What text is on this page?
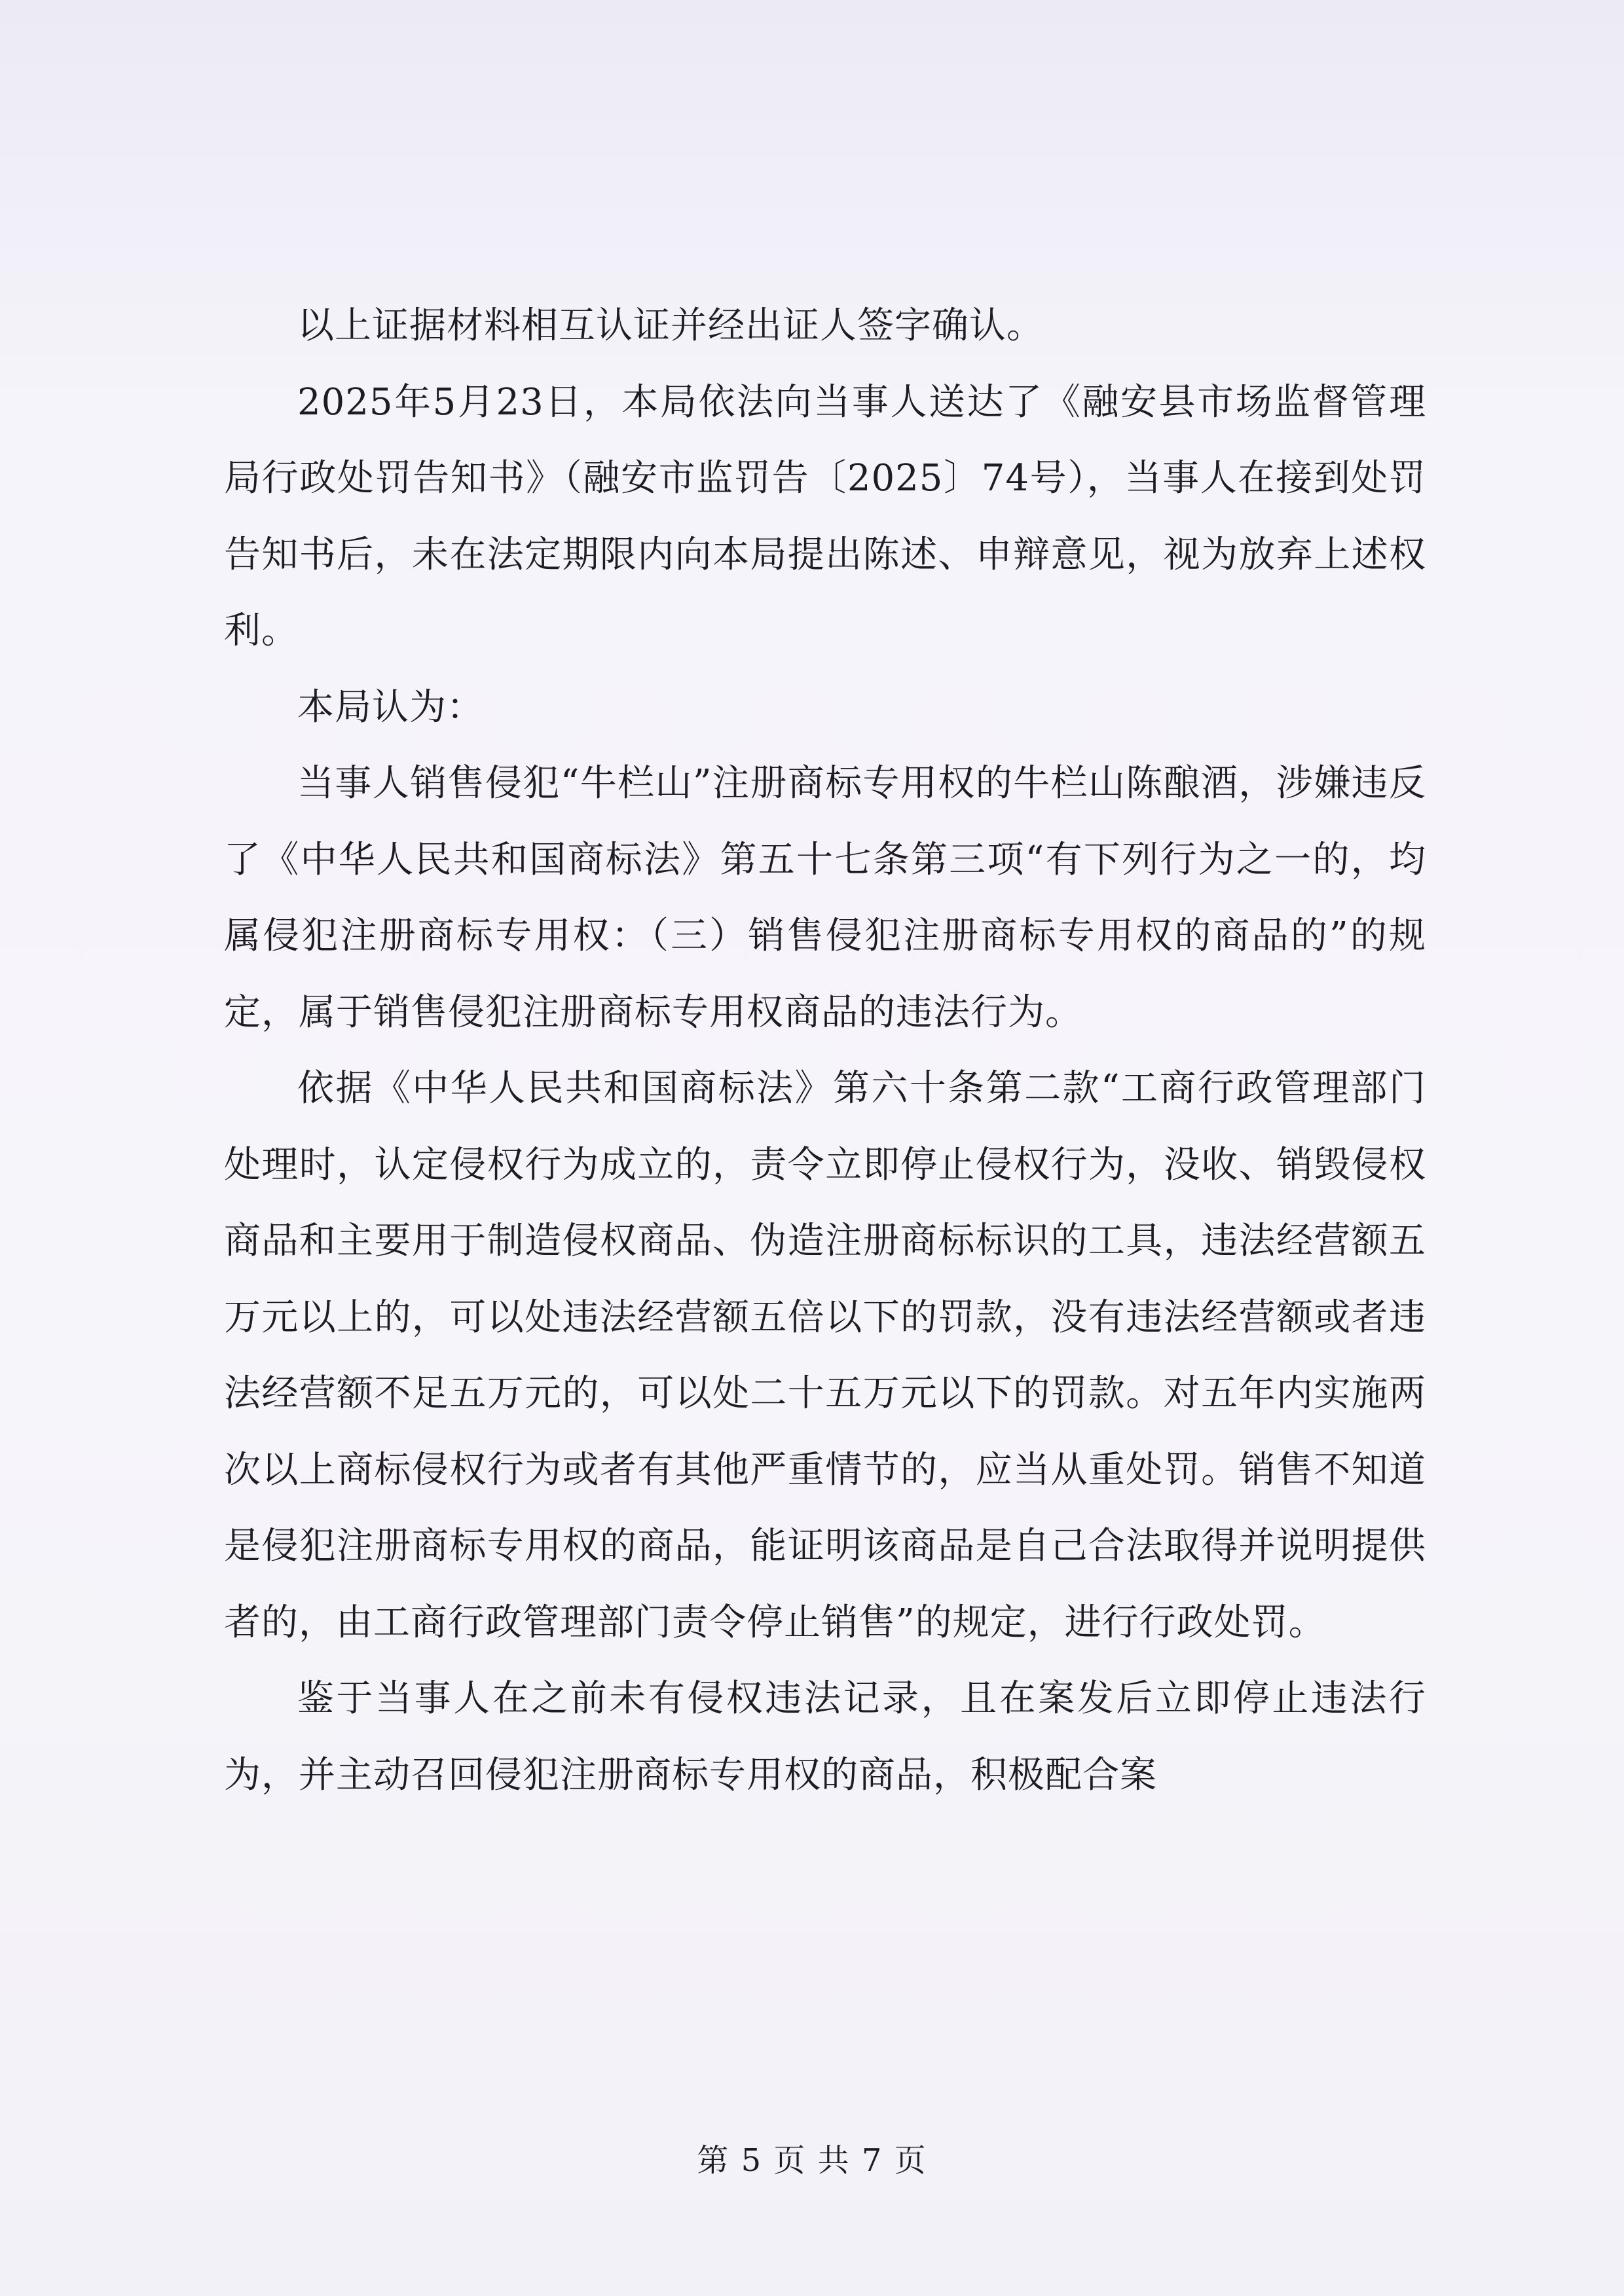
以上证据材料相互认证并经出证人签字确认。

2025年5月23日，本局依法向当事人送达了《融安县市场监督管理局行政处罚告知书》（融安市监罚告〔2025〕74号），当事人在接到处罚告知书后，未在法定期限内向本局提出陈述、申辩意见，视为放弃上述权利。

本局认为：

当事人销售侵犯“牛栏山”注册商标专用权的牛栏山陈酿酒，涉嫌违反了《中华人民共和国商标法》第五十七条第三项“有下列行为之一的，均属侵犯注册商标专用权：（三）销售侵犯注册商标专用权的商品的”的规定，属于销售侵犯注册商标专用权商品的违法行为。

依据《中华人民共和国商标法》第六十条第二款“工商行政管理部门处理时，认定侵权行为成立的，责令立即停止侵权行为，没收、销毁侵权商品和主要用于制造侵权商品、伪造注册商标标识的工具，违法经营额五万元以上的，可以处违法经营额五倍以下的罚款，没有违法经营额或者违法经营额不足五万元的，可以处二十五万元以下的罚款。对五年内实施两次以上商标侵权行为或者有其他严重情节的，应当从重处罚。销售不知道是侵犯注册商标专用权的商品，能证明该商品是自己合法取得并说明提供者的，由工商行政管理部门责令停止销售”的规定，进行行政处罚。

鉴于当事人在之前未有侵权违法记录，且在案发后立即停止违法行为，并主动召回侵犯注册商标专用权的商品，积极配合案

第 5 页 共 7 页
